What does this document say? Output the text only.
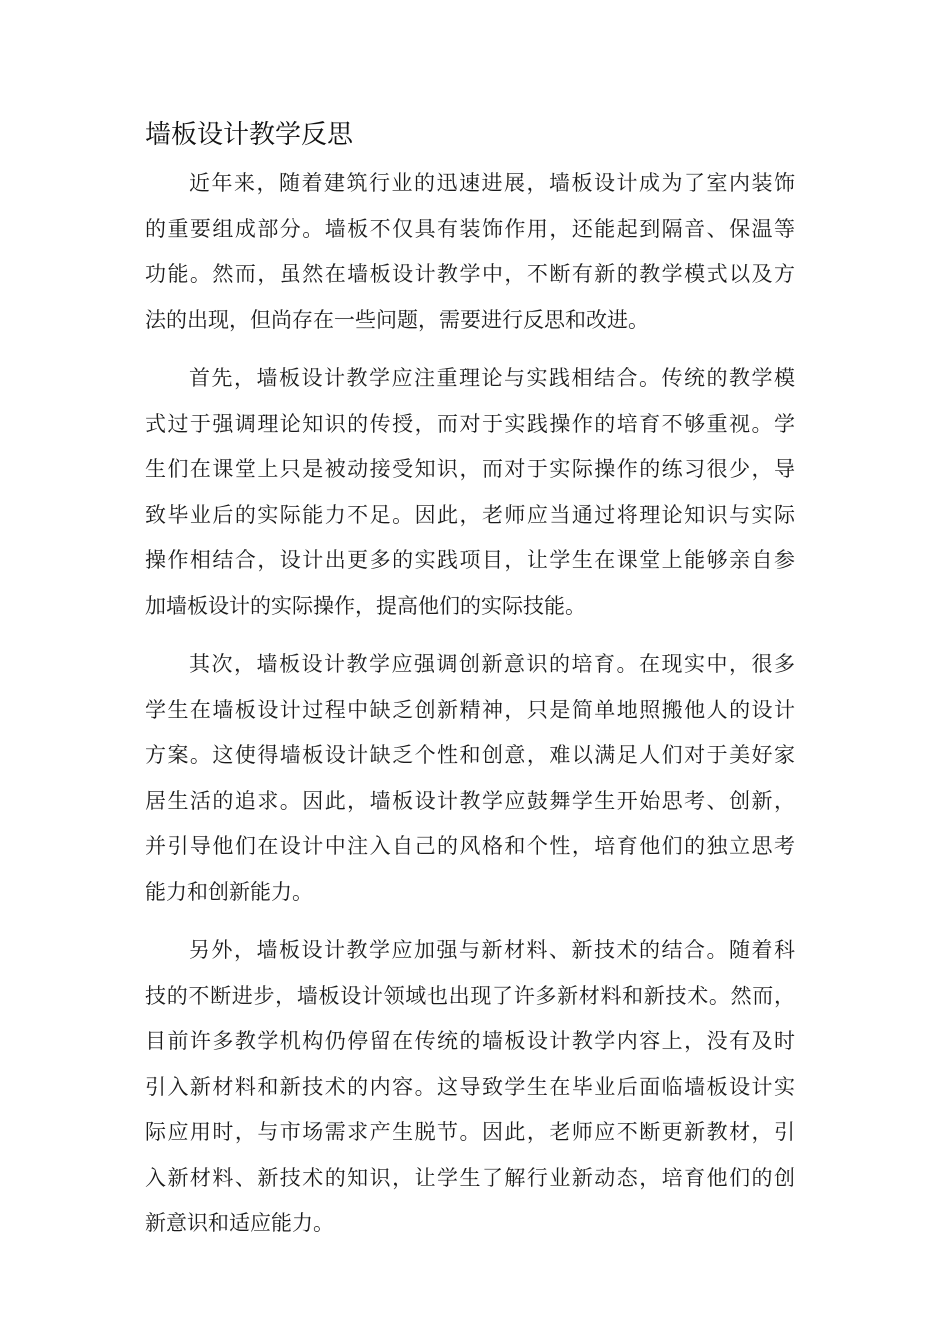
墙板设计教学反思

近年来，随着建筑行业的迅速进展，墙板设计成为了室内装饰
的重要组成部分。墙板不仅具有装饰作用，还能起到隔音、保温等
功能。然而，虽然在墙板设计教学中，不断有新的教学模式以及方
法的出现，但尚存在一些问题，需要进行反思和改进。

首先，墙板设计教学应注重理论与实践相结合。传统的教学模
式过于强调理论知识的传授，而对于实践操作的培育不够重视。学
生们在课堂上只是被动接受知识，而对于实际操作的练习很少，导
致毕业后的实际能力不足。因此，老师应当通过将理论知识与实际
操作相结合，设计出更多的实践项目，让学生在课堂上能够亲自参
加墙板设计的实际操作，提高他们的实际技能。

其次，墙板设计教学应强调创新意识的培育。在现实中，很多
学生在墙板设计过程中缺乏创新精神，只是简单地照搬他人的设计
方案。这使得墙板设计缺乏个性和创意，难以满足人们对于美好家
居生活的追求。因此，墙板设计教学应鼓舞学生开始思考、创新，
并引导他们在设计中注入自己的风格和个性，培育他们的独立思考
能力和创新能力。

另外，墙板设计教学应加强与新材料、新技术的结合。随着科
技的不断进步，墙板设计领域也出现了许多新材料和新技术。然而，
目前许多教学机构仍停留在传统的墙板设计教学内容上，没有及时
引入新材料和新技术的内容。这导致学生在毕业后面临墙板设计实
际应用时，与市场需求产生脱节。因此，老师应不断更新教材，引
入新材料、新技术的知识，让学生了解行业新动态，培育他们的创
新意识和适应能力。
